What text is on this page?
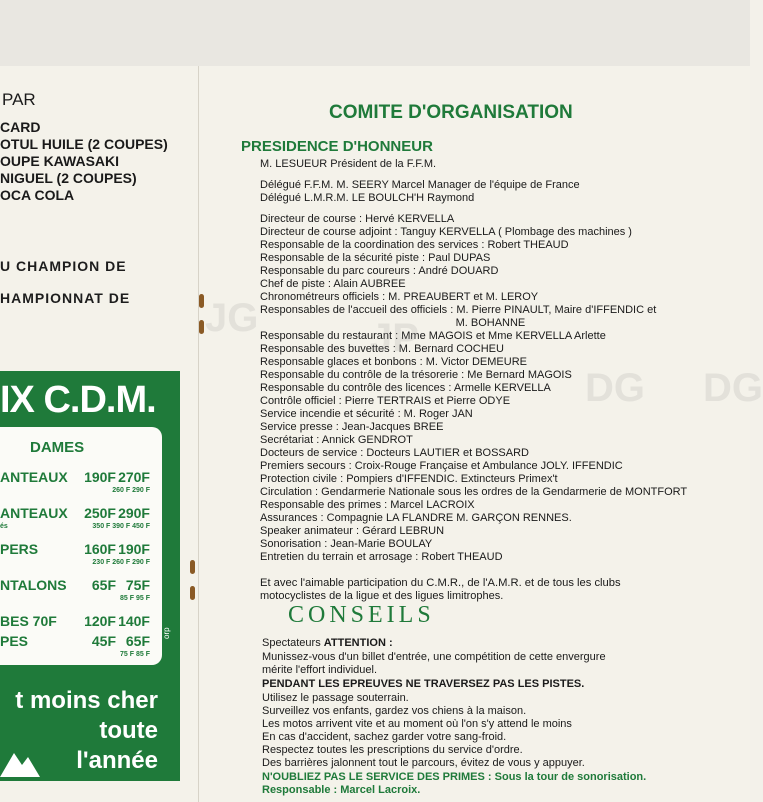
PAR
CARD
OTUL HUILE (2 COUPES)
OUPE KAWASAKI
NIGUEL (2 COUPES)
OCA COLA
U CHAMPION DE
HAMPIONNAT DE
IX C.D.M.
DAMES
ANTEAUX 190F 270F
260 F 290 F
ANTEAUX 250F 290F
és	350 F 390 F 450 F
PERS	160F 190F
230 F 260 F 290 F
NTALONS 65F 75F
85 F 95 F
BES 70F 120F 140F
PES	45F 65F
75 F 85 F
orp
t moins cher
toute
l'année
COMITE D'ORGANISATION
PRESIDENCE D'HONNEUR
M. LESUEUR Président de la F.F.M.
Délégué F.F.M. M. SEERY Marcel Manager de l'équipe de France
Délégué L.M.R.M. LE BOULCH'H Raymond
Directeur de course : Hervé KERVELLA
Directeur de course adjoint : Tanguy KERVELLA ( Plombage des machines )
Responsable de la coordination des services : Robert THEAUD
Responsable de la sécurité piste : Paul DUPAS
Responsable du parc coureurs : André DOUARD
Chef de piste : Alain AUBREE
Chronométreurs officiels : M. PREAUBERT et M. LEROY
Responsables de l'accueil des officiels : M. Pierre PINAULT, Maire d'IFFENDIC et
M. BOHANNE
Responsable du restaurant : Mme MAGOIS et Mme KERVELLA Arlette
Responsable des buvettes : M. Bernard COCHEU
Responsable glaces et bonbons : M. Victor DEMEURE
Responsable du contrôle de la trésorerie : Me Bernard MAGOIS
Responsable du contrôle des licences : Armelle KERVELLA
Contrôle officiel : Pierre TERTRAIS et Pierre ODYE
Service incendie et sécurité : M. Roger JAN
Service presse : Jean-Jacques BREE
Secrétariat : Annick GENDROT
Docteurs de service : Docteurs LAUTIER et BOSSARD
Premiers secours : Croix-Rouge Française et Ambulance JOLY. IFFENDIC
Protection civile : Pompiers d'IFFENDIC. Extincteurs Primex't
Circulation : Gendarmerie Nationale sous les ordres de la Gendarmerie de MONTFORT
Responsable des primes : Marcel LACROIX
Assurances : Compagnie LA FLANDRE M. GARÇON RENNES.
Speaker animateur : Gérard LEBRUN
Sonorisation : Jean-Marie BOULAY
Entretien du terrain et arrosage : Robert THEAUD
Et avec l'aimable participation du C.M.R., de l'A.M.R. et de tous les clubs
motocyclistes de la ligue et des ligues limitrophes.
CONSEILS
Spectateurs ATTENTION :
Munissez-vous d'un billet d'entrée, une compétition de cette envergure
mérite l'effort individuel.
PENDANT LES EPREUVES NE TRAVERSEZ PAS LES PISTES.
Utilisez le passage souterrain.
Surveillez vos enfants, gardez vos chiens à la maison.
Les motos arrivent vite et au moment où l'on s'y attend le moins
En cas d'accident, sachez garder votre sang-froid.
Respectez toutes les prescriptions du service d'ordre.
Des barrières jalonnent tout le parcours, évitez de vous y appuyer.
N'OUBLIEZ PAS LE SERVICE DES PRIMES : Sous la tour de sonorisation.
Responsable : Marcel Lacroix.
JG	JP
DG DG
